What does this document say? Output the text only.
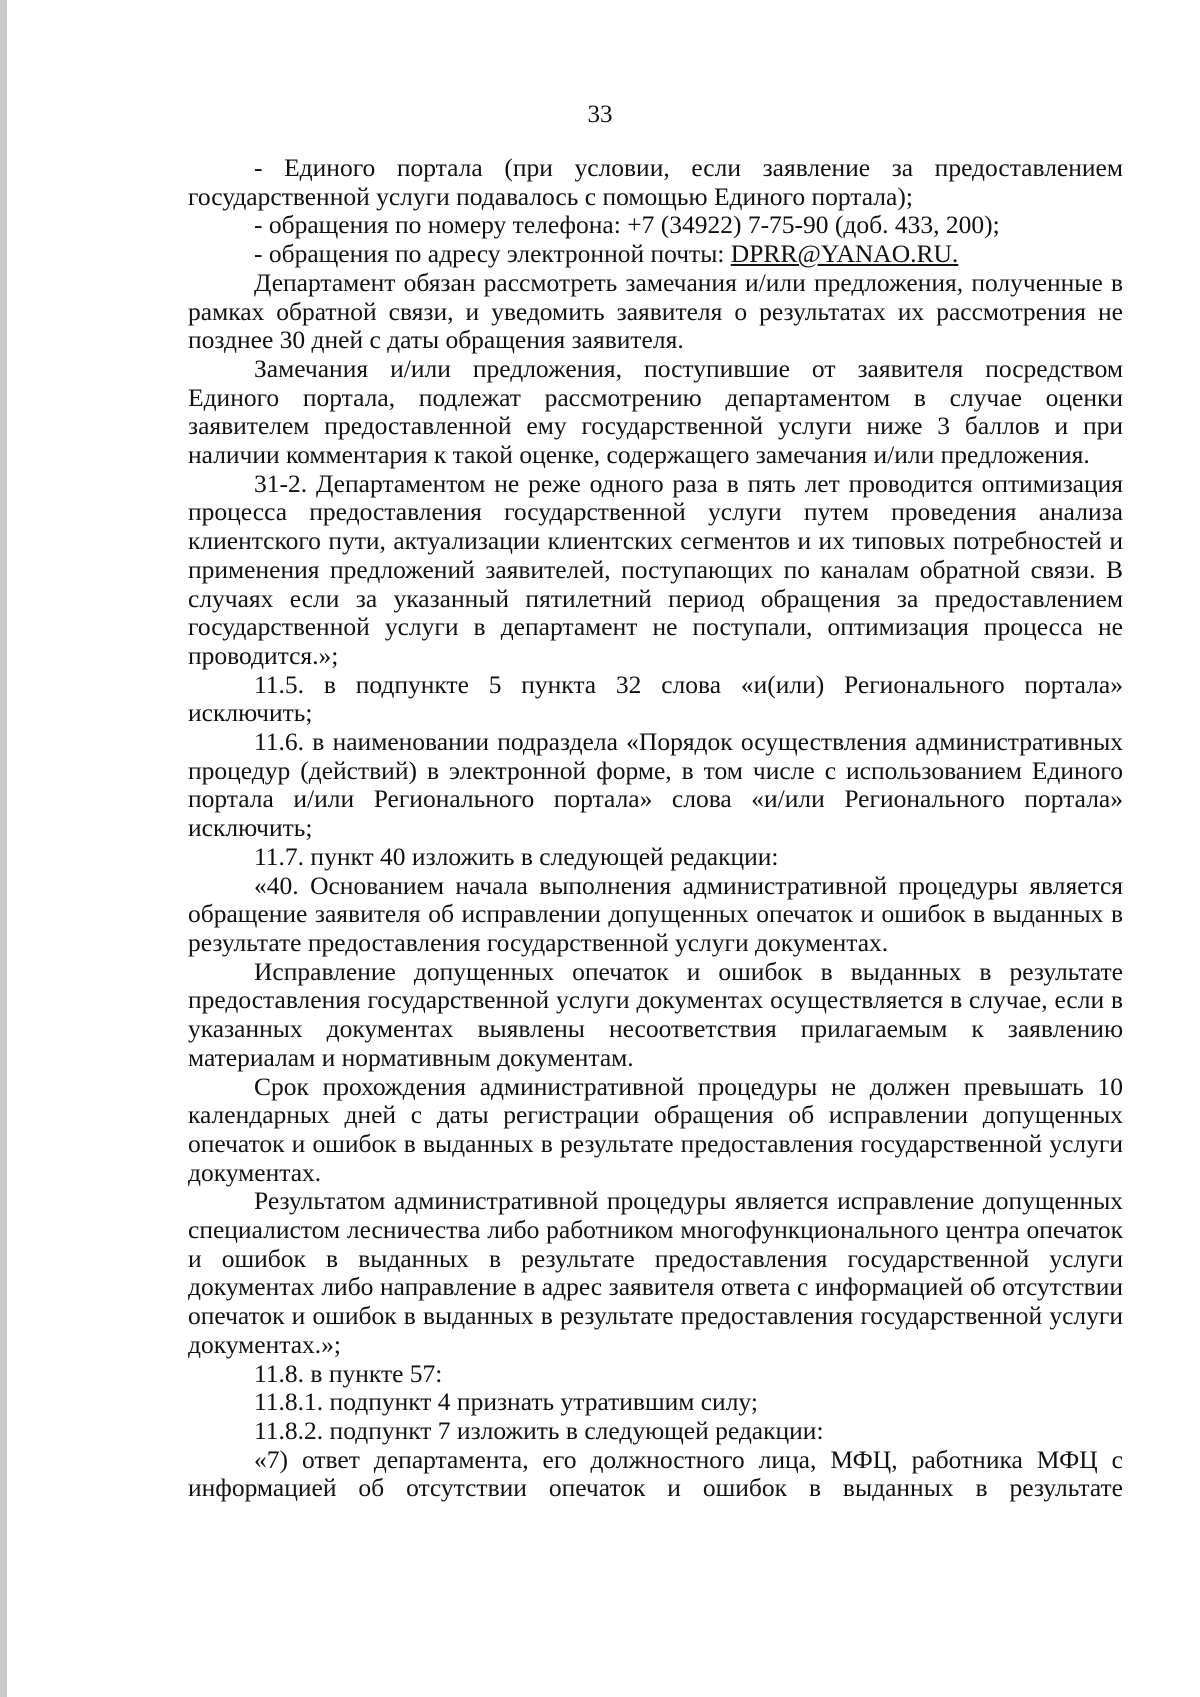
33

- Единого портала (при условии, если заявление за предоставлением государственной услуги подавалось с помощью Единого портала);

- обращения по номеру телефона: +7 (34922) 7-75-90 (доб. 433, 200);

- обращения по адресу электронной почты: DPRR@YANAO.RU.

Департамент обязан рассмотреть замечания и/или предложения, полученные в рамках обратной связи, и уведомить заявителя о результатах их рассмотрения не позднее 30 дней с даты обращения заявителя.

Замечания и/или предложения, поступившие от заявителя посредством Единого портала, подлежат рассмотрению департаментом в случае оценки заявителем предоставленной ему государственной услуги ниже 3 баллов и при наличии комментария к такой оценке, содержащего замечания и/или предложения.

31-2. Департаментом не реже одного раза в пять лет проводится оптимизация процесса предоставления государственной услуги путем проведения анализа клиентского пути, актуализации клиентских сегментов и их типовых потребностей и применения предложений заявителей, поступающих по каналам обратной связи. В случаях если за указанный пятилетний период обращения за предоставлением государственной услуги в департамент не поступали, оптимизация процесса не проводится.»;

11.5. в подпункте 5 пункта 32 слова «и(или) Регионального портала» исключить;

11.6. в наименовании подраздела «Порядок осуществления административных процедур (действий) в электронной форме, в том числе с использованием Единого портала и/или Регионального портала» слова «и/или Регионального портала» исключить;

11.7. пункт 40 изложить в следующей редакции:

«40. Основанием начала выполнения административной процедуры является обращение заявителя об исправлении допущенных опечаток и ошибок в выданных в результате предоставления государственной услуги документах.

Исправление допущенных опечаток и ошибок в выданных в результате предоставления государственной услуги документах осуществляется в случае, если в указанных документах выявлены несоответствия прилагаемым к заявлению материалам и нормативным документам.

Срок прохождения административной процедуры не должен превышать 10 календарных дней с даты регистрации обращения об исправлении допущенных опечаток и ошибок в выданных в результате предоставления государственной услуги документах.

Результатом административной процедуры является исправление допущенных специалистом лесничества либо работником многофункционального центра опечаток и ошибок в выданных в результате предоставления государственной услуги документах либо направление в адрес заявителя ответа с информацией об отсутствии опечаток и ошибок в выданных в результате предоставления государственной услуги документах.»;

11.8. в пункте 57:

11.8.1. подпункт 4 признать утратившим силу;

11.8.2. подпункт 7 изложить в следующей редакции:

«7) ответ департамента, его должностного лица, МФЦ, работника МФЦ с информацией об отсутствии опечаток и ошибок в выданных в результате
